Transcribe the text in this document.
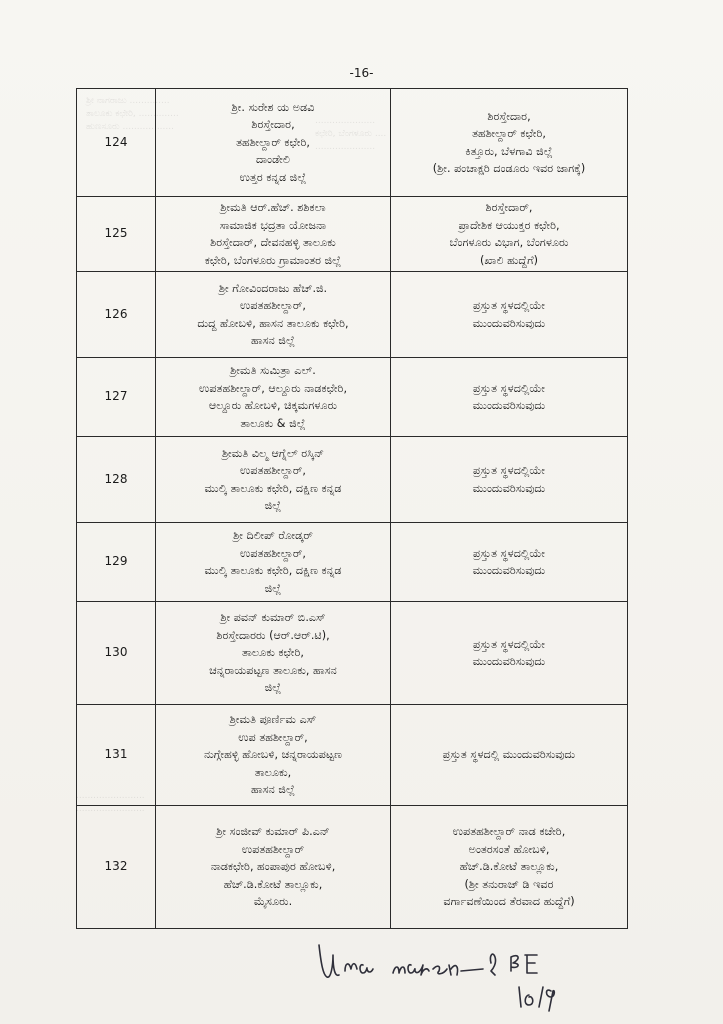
ಶ್ರೀ ನಾಗರಾಜು ..............
ತಾಲೂಕು ಕಛೇರಿ, ..............
ಹುಣಸೂರು ..................
.....................
ಕಛೇರಿ, ಬೆಂಗಳೂರು ....
.....................
........................
........................
-16-
124	ಶ್ರೀ. ಸುರೇಶ ಯ ಅಡವಿ
ಶಿರಸ್ತೇದಾರ,
ತಹಶೀಲ್ದಾರ್ ಕಛೇರಿ,
ದಾಂಡೇಲಿ
ಉತ್ತರ ಕನ್ನಡ ಜಿಲ್ಲೆ	ಶಿರಸ್ತೇದಾರ,
ತಹಶೀಲ್ದಾರ್ ಕಛೇರಿ,
ಕಿತ್ತೂರು, ಬೆಳಗಾವಿ ಜಿಲ್ಲೆ
(ಶ್ರೀ. ಪಂಚಾಕ್ಷರಿ ದಂಡೂರು ಇವರ ಜಾಗಕ್ಕೆ)

125	ಶ್ರೀಮತಿ ಆರ್.ಹೆಚ್. ಶಶಿಕಲಾ
ಸಾಮಾಜಿಕ ಭದ್ರತಾ ಯೋಜನಾ
ಶಿರಸ್ತೇದಾರ್, ದೇವನಹಳ್ಳಿ ತಾಲೂಕು
ಕಛೇರಿ, ಬೆಂಗಳೂರು ಗ್ರಾಮಾಂತರ ಜಿಲ್ಲೆ	ಶಿರಸ್ತೇದಾರ್,
ಪ್ರಾದೇಶಿಕ ಆಯುಕ್ತರ ಕಛೇರಿ,
ಬೆಂಗಳೂರು ವಿಭಾಗ, ಬೆಂಗಳೂರು
(ಖಾಲಿ ಹುದ್ದೆಗೆ)

126	ಶ್ರೀ ಗೋವಿಂದರಾಜು ಹೆಚ್.ಜಿ.
ಉಪತಹಶೀಲ್ದಾರ್,
ದುದ್ದ ಹೋಬಳಿ, ಹಾಸನ ತಾಲೂಕು ಕಛೇರಿ,
ಹಾಸನ ಜಿಲ್ಲೆ	ಪ್ರಸ್ತುತ ಸ್ಥಳದಲ್ಲಿಯೇ
ಮುಂದುವರಿಸುವುದು

127	ಶ್ರೀಮತಿ ಸುಮಿತ್ರಾ ಎಲ್.
ಉಪತಹಶೀಲ್ದಾರ್, ಆಲ್ದೂರು ನಾಡಕಛೇರಿ,
ಆಲ್ದೂರು ಹೋಬಳಿ, ಚಿಕ್ಕಮಗಳೂರು
ತಾಲೂಕು & ಜಿಲ್ಲೆ	ಪ್ರಸ್ತುತ ಸ್ಥಳದಲ್ಲಿಯೇ
ಮುಂದುವರಿಸುವುದು

128	ಶ್ರೀಮತಿ ವಿಲ್ಮ ಆಗ್ನೆಲ್ ರಸ್ಕಿನ್
ಉಪತಹಶೀಲ್ದಾರ್,
ಮುಲ್ಕಿ ತಾಲೂಕು ಕಛೇರಿ, ದಕ್ಷಿಣ ಕನ್ನಡ
ಜಿಲ್ಲೆ	ಪ್ರಸ್ತುತ ಸ್ಥಳದಲ್ಲಿಯೇ
ಮುಂದುವರಿಸುವುದು

129	ಶ್ರೀ ದಿಲೀಪ್ ರೋಡ್ಕರ್
ಉಪತಹಶೀಲ್ದಾರ್,
ಮುಲ್ಕಿ ತಾಲೂಕು ಕಛೇರಿ, ದಕ್ಷಿಣ ಕನ್ನಡ
ಜಿಲ್ಲೆ	ಪ್ರಸ್ತುತ ಸ್ಥಳದಲ್ಲಿಯೇ
ಮುಂದುವರಿಸುವುದು

130	ಶ್ರೀ ಪವನ್ ಕುಮಾರ್ ಬಿ.ಎಸ್
ಶಿರಸ್ತೇದಾರರು (ಆರ್.ಆರ್.ಟಿ),
ತಾಲೂಕು ಕಛೇರಿ,
ಚನ್ನರಾಯಪಟ್ಟಣ ತಾಲೂಕು, ಹಾಸನ
ಜಿಲ್ಲೆ	ಪ್ರಸ್ತುತ ಸ್ಥಳದಲ್ಲಿಯೇ
ಮುಂದುವರಿಸುವುದು

131	ಶ್ರೀಮತಿ ಪೂರ್ಣಿಮ ಎಸ್
ಉಪ ತಹಶೀಲ್ದಾರ್,
ನುಗ್ಗೇಹಳ್ಳಿ ಹೋಬಳಿ, ಚನ್ನರಾಯಪಟ್ಟಣ
ತಾಲೂಕು,
ಹಾಸನ ಜಿಲ್ಲೆ	ಪ್ರಸ್ತುತ ಸ್ಥಳದಲ್ಲಿ ಮುಂದುವರಿಸುವುದು

132	ಶ್ರೀ ಸಂಜೀವ್ ಕುಮಾರ್ ಪಿ.ಎನ್
ಉಪತಹಶೀಲ್ದಾರ್
ನಾಡಕಛೇರಿ, ಹಂಪಾಪುರ ಹೋಬಳಿ,
ಹೆಚ್.ಡಿ.ಕೋಟೆ ತಾಲ್ಲೂಕು,
ಮೈಸೂರು.	ಉಪತಹಶೀಲ್ದಾರ್ ನಾಡ ಕಚೇರಿ,
ಅಂತರಸಂತೆ ಹೋಬಳಿ,
ಹೆಚ್.ಡಿ.ಕೋಟೆ ತಾಲ್ಲೂಕು,
(ಶ್ರೀ ತನುರಾಜ್ ಡಿ ಇವರ
ವರ್ಗಾವಣೆಯಿಂದ ತೆರವಾದ ಹುದ್ದೆಗೆ)
